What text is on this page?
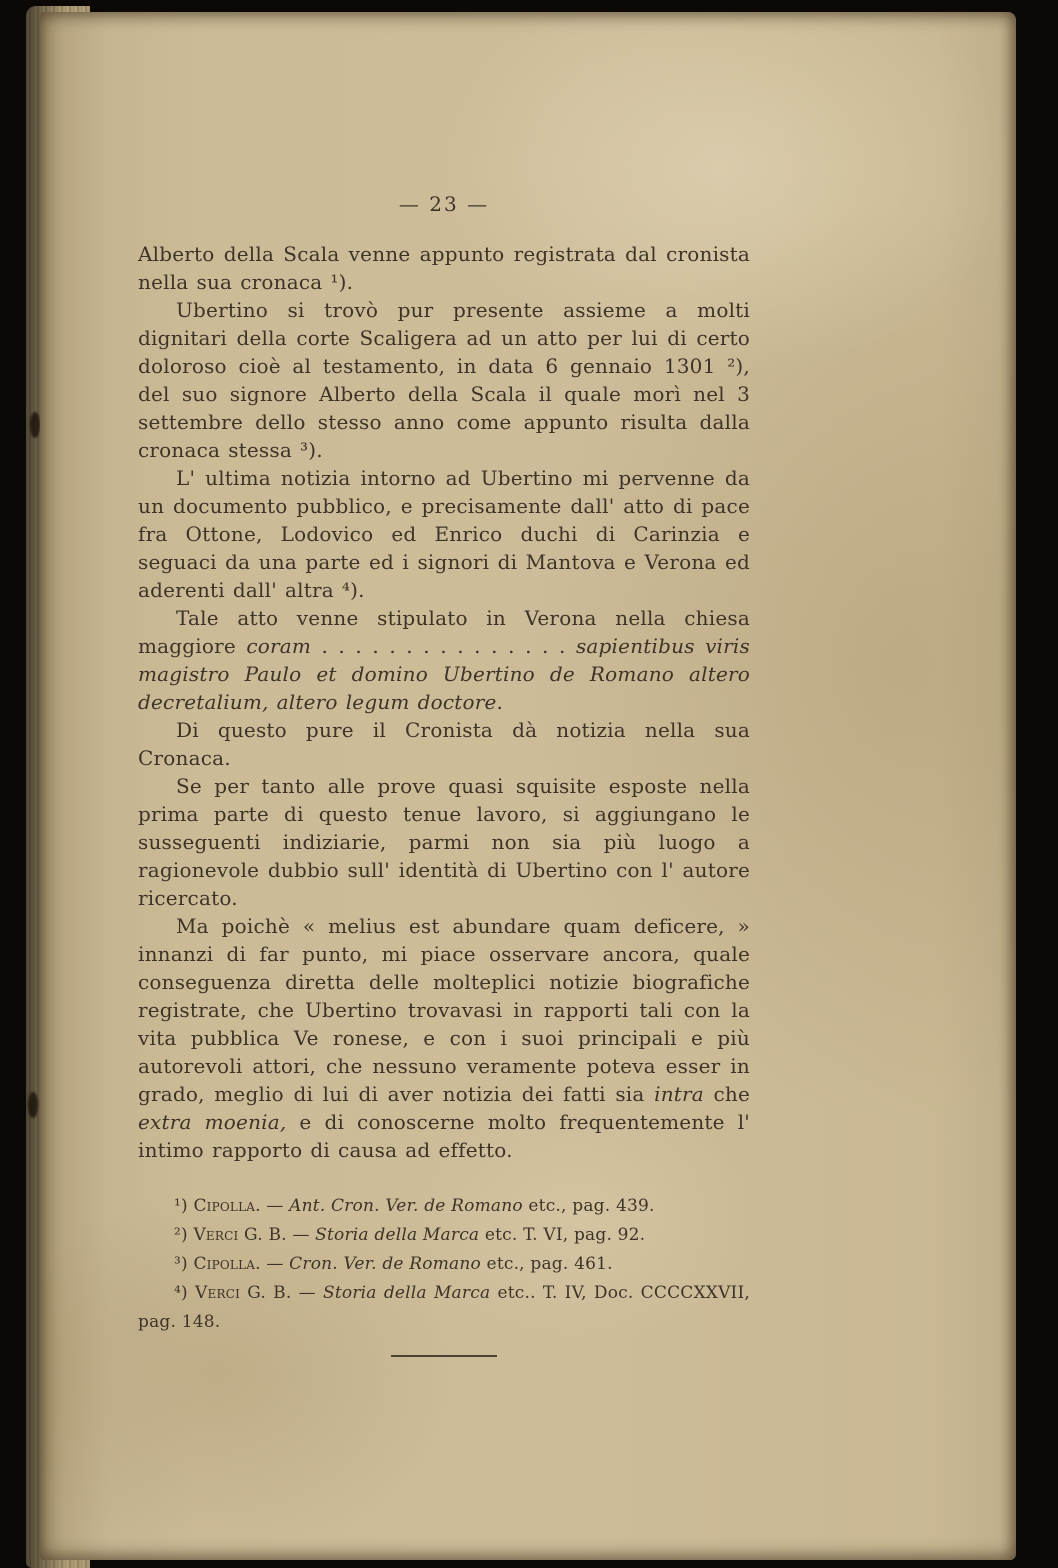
— 23 —

Alberto della Scala venne appunto registrata dal cronista nella sua cronaca ¹).

Ubertino si trovò pur presente assieme a molti dignitari della corte Scaligera ad un atto per lui di certo doloroso cioè al testamento, in data 6 gennaio 1301 ²), del suo signore Alberto della Scala il quale morì nel 3 settembre dello stesso anno come appunto risulta dalla cronaca stessa ³).

L' ultima notizia intorno ad Ubertino mi pervenne da un documento pubblico, e precisamente dall' atto di pace fra Ottone, Lodovico ed Enrico duchi di Carinzia e seguaci da una parte ed i signori di Mantova e Verona ed aderenti dall' altra ⁴).

Tale atto venne stipulato in Verona nella chiesa maggiore coram . . . . . . . . . . . . . . . sapientibus viris magistro Paulo et domino Ubertino de Romano altero decretalium, altero legum doctore.

Di questo pure il Cronista dà notizia nella sua Cronaca.

Se per tanto alle prove quasi squisite esposte nella prima parte di questo tenue lavoro, si aggiungano le susseguenti indiziarie, parmi non sia più luogo a ragionevole dubbio sull' identità di Ubertino con l' autore ricercato.

Ma poichè « melius est abundare quam deficere, » innanzi di far punto, mi piace osservare ancora, quale conseguenza diretta delle molteplici notizie biografiche registrate, che Ubertino trovavasi in rapporti tali con la vita pubblica Ve ronese, e con i suoi principali e più autorevoli attori, che nessuno veramente poteva esser in grado, meglio di lui di aver notizia dei fatti sia intra che extra moenia, e di conoscerne molto frequentemente l' intimo rapporto di causa ad effetto.

¹) Cipolla. — Ant. Cron. Ver. de Romano etc., pag. 439.

²) Verci G. B. — Storia della Marca etc. T. VI, pag. 92.

³) Cipolla. — Cron. Ver. de Romano etc., pag. 461.

⁴) Verci G. B. — Storia della Marca etc.. T. IV, Doc. CCCCXXVII, pag. 148.
